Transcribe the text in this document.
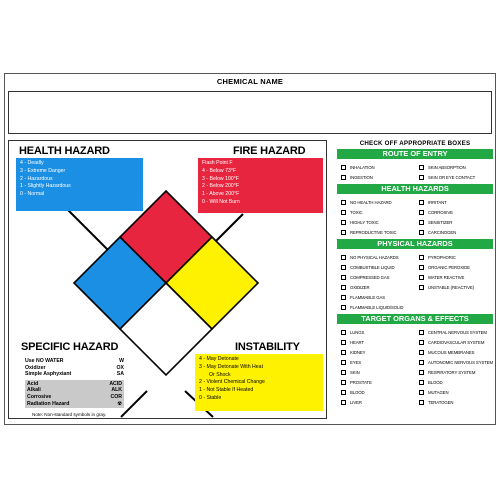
CHEMICAL NAME
HEALTH HAZARD
4 - Deadly
3 - Extreme Danger
2 - Hazardous
1 - Slightly Hazardous
0 - Normal
FIRE HAZARD
Flash Point F
4 - Below 73°F
3 - Below 100°F
2 - Below 200°F
1 - Above 200°F
0 - Will Not Burn
SPECIFIC HAZARD
Use NO WATER	W
Oxidizer	OX
Simple Asphyxiant	SA
Acid	ACID
Alkali	ALK
Corrosive	COR
Radiation Hazard	☢
INSTABILITY
4 - May Detonate
3 - May Detonate With Heat
Or Shock
2 - Violent Chemical Change
1 - Not Stable If Heated
0 - Stable
Note: Non-standard symbols in gray.
CHECK OFF APPROPRIATE BOXES
ROUTE OF ENTRY
INHALATION	SKIN ABSORPTION
INGESTION	SKIN OR EYE CONTACT
HEALTH HAZARDS
NO HEALTH HAZARD	IRRITANT
TOXIC	CORROSIVE
HIGHLY TOXIC	SENSITIZER
REPRODUCTIVE TOXIC	CARCINOGEN
PHYSICAL HAZARDS
NO PHYSICAL HAZARDS	PYROPHORIC
COMBUSTIBLE LIQUID	ORGANIC PEROXIDE
COMPRESSED GAS	WATER REACTIVE
OXIDIZER	UNSTABLE (REACTIVE)
FLAMMABLE GAS
FLAMMABLE LIQUID/SOLID
TARGET ORGANS & EFFECTS
LUNGS	CENTRAL NERVOUS SYSTEM
HEART	CARDIOVASCULAR SYSTEM
KIDNEY	MUCOUS MEMBRANES
EYES	AUTONOMIC NERVOUS SYSTEM
SKIN	RESPIRATORY SYSTEM
PROSTATE	BLOOD
BLOOD	MUTAGEN
LIVER	TERATOGEN
